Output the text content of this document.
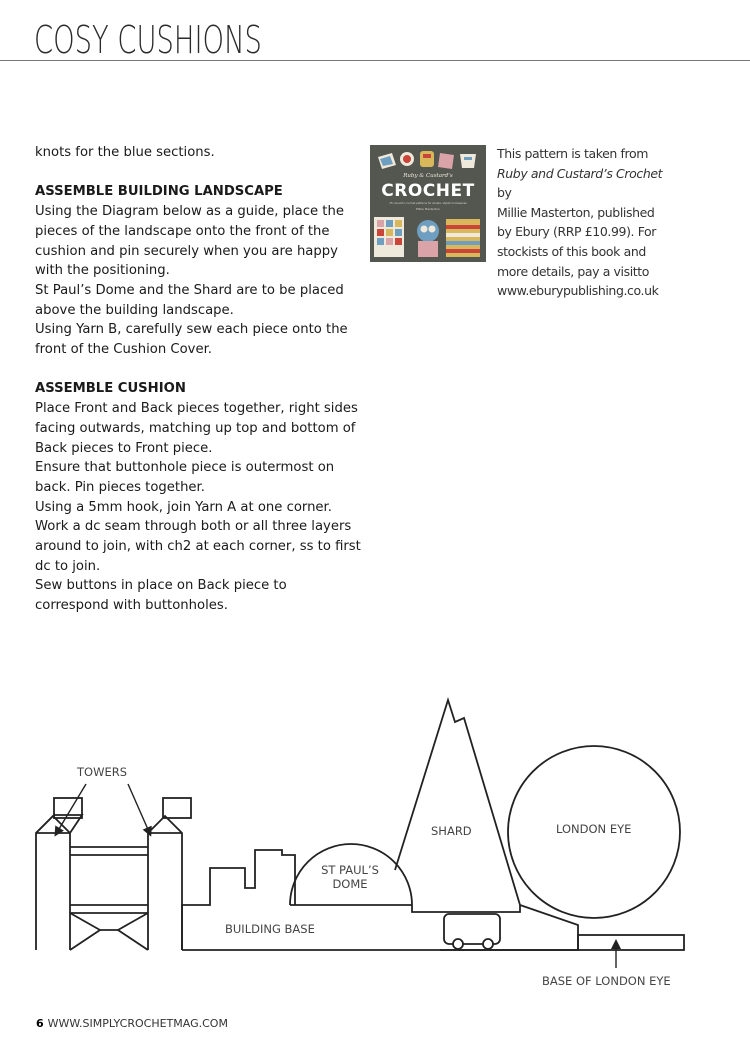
COSY CUSHIONS

knots for the blue sections.

ASSEMBLE BUILDING LANDSCAPE

Using the Diagram below as a guide, place the

pieces of the landscape onto the front of the

cushion and pin securely when you are happy

with the positioning.

St Paul’s Dome and the Shard are to be placed

above the building landscape.

Using Yarn B, carefully sew each piece onto the

front of the Cushion Cover.

ASSEMBLE CUSHION

Place Front and Back pieces together, right sides

facing outwards, matching up top and bottom of

Back pieces to Front piece.

Ensure that buttonhole piece is outermost on

back. Pin pieces together.

Using a 5mm hook, join Yarn A at one corner.

Work a dc seam through both or all three layers

around to join, with ch2 at each corner, ss to first

dc to join.

Sew buttons in place on Back piece to

correspond with buttonholes.

Ruby & Custard’s
CROCHET
25 colourful crochet patterns for simple, stylish homewares
Millie Masterton

This pattern is taken from

Ruby and Custard’s Crochet by

Millie Masterton, published

by Ebury (RRP £10.99). For

stockists of this book and

more details, pay a visitto

www.eburypublishing.co.uk

TOWERS
SHARD	LONDON EYE
ST PAUL’S
DOME
BUILDING BASE
BASE OF LONDON EYE
6 WWW.SIMPLYCROCHETMAG.COM
